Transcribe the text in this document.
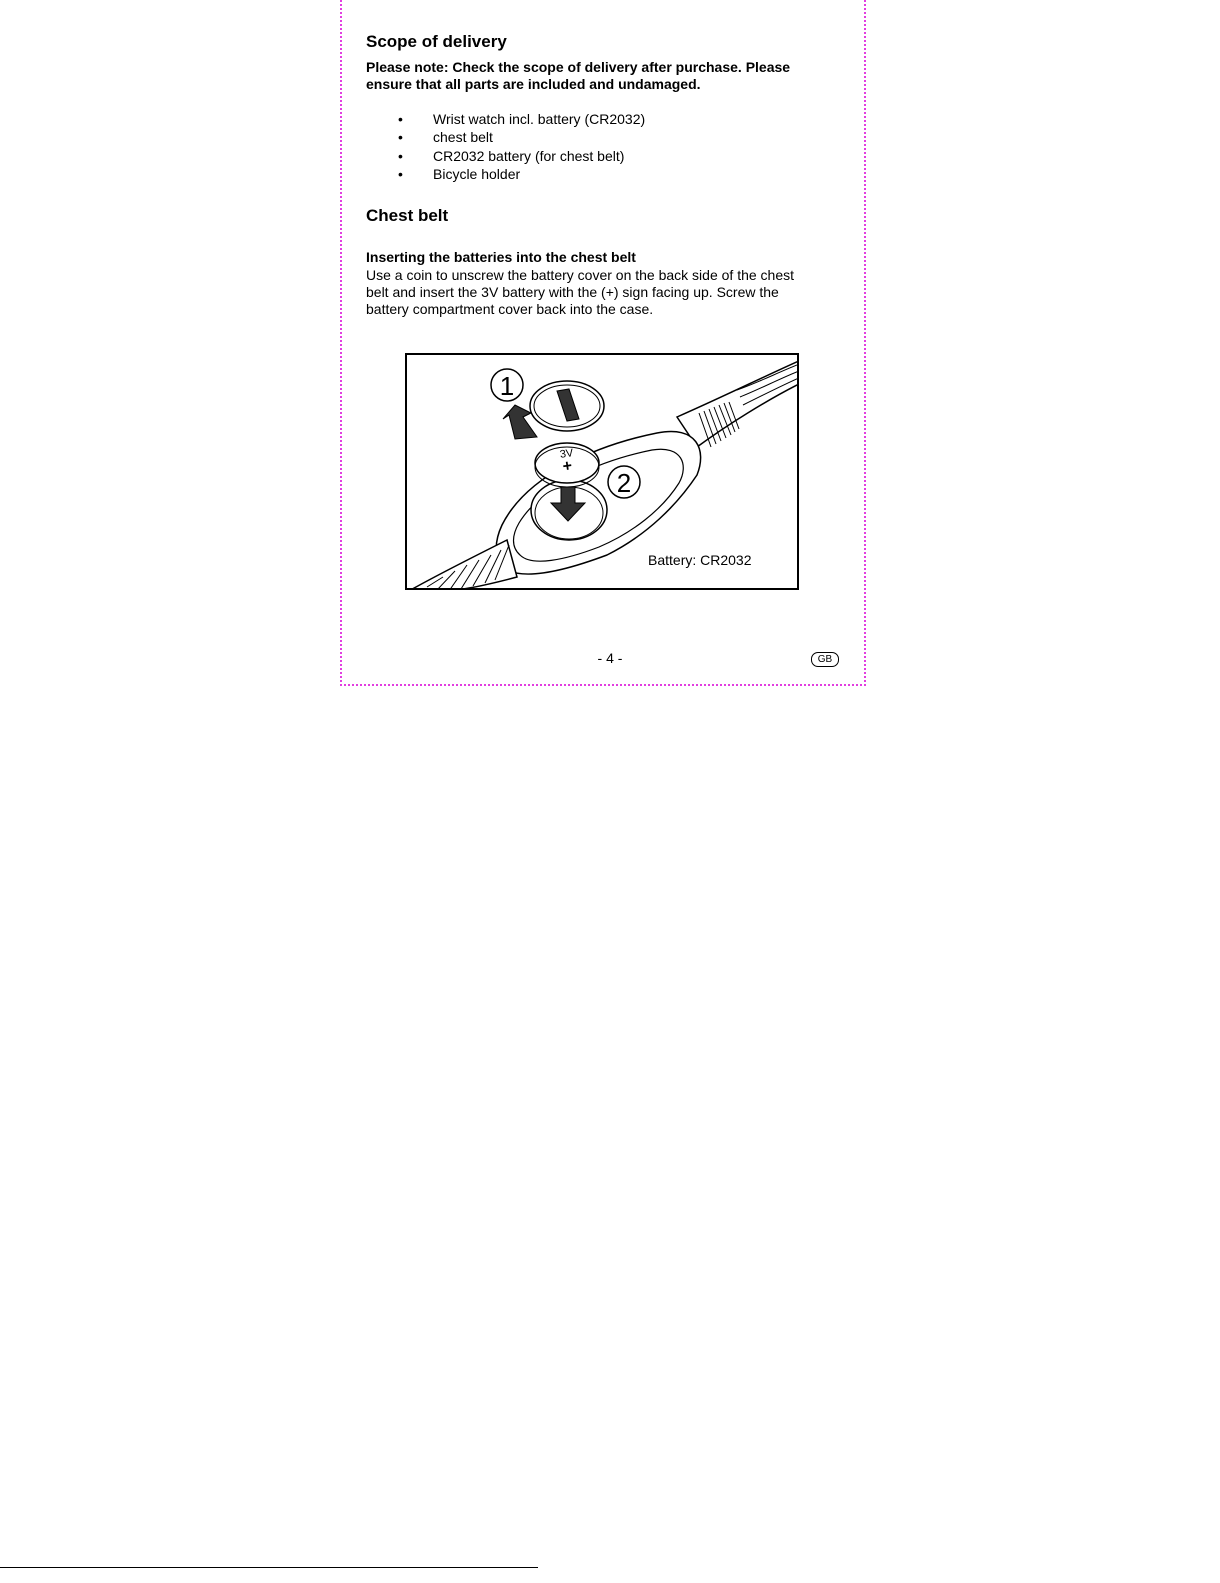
Scope of delivery
Please note: Check the scope of delivery after purchase. Please
ensure that all parts are included and undamaged.
• Wrist watch incl. battery (CR2032)
• chest belt
• CR2032 battery (for chest belt)
• Bicycle holder
Chest belt
Inserting the batteries into the chest belt
Use a coin to unscrew the battery cover on the back side of the chest
belt and insert the 3V battery with the (+) sign facing up. Screw the
battery compartment cover back into the case.
1
2
3V
+
Battery: CR2032
- 4 -	GB
